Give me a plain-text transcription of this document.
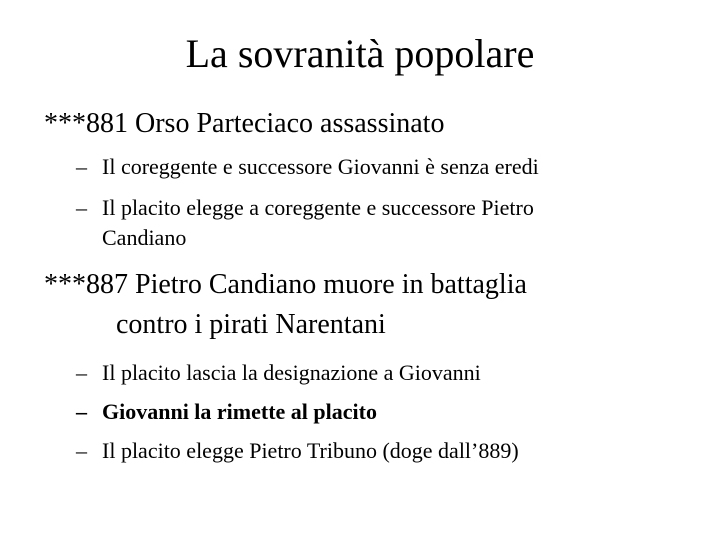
La sovranità popolare
***881 Orso Parteciaco assassinato
– Il coreggente e successore Giovanni è senza eredi
– Il placito elegge a coreggente e successore Pietro
Candiano
***887 Pietro Candiano muore in battaglia
contro i pirati Narentani
– Il placito lascia la designazione a Giovanni
– Giovanni la rimette al placito
– Il placito elegge Pietro Tribuno (doge dall’889)
